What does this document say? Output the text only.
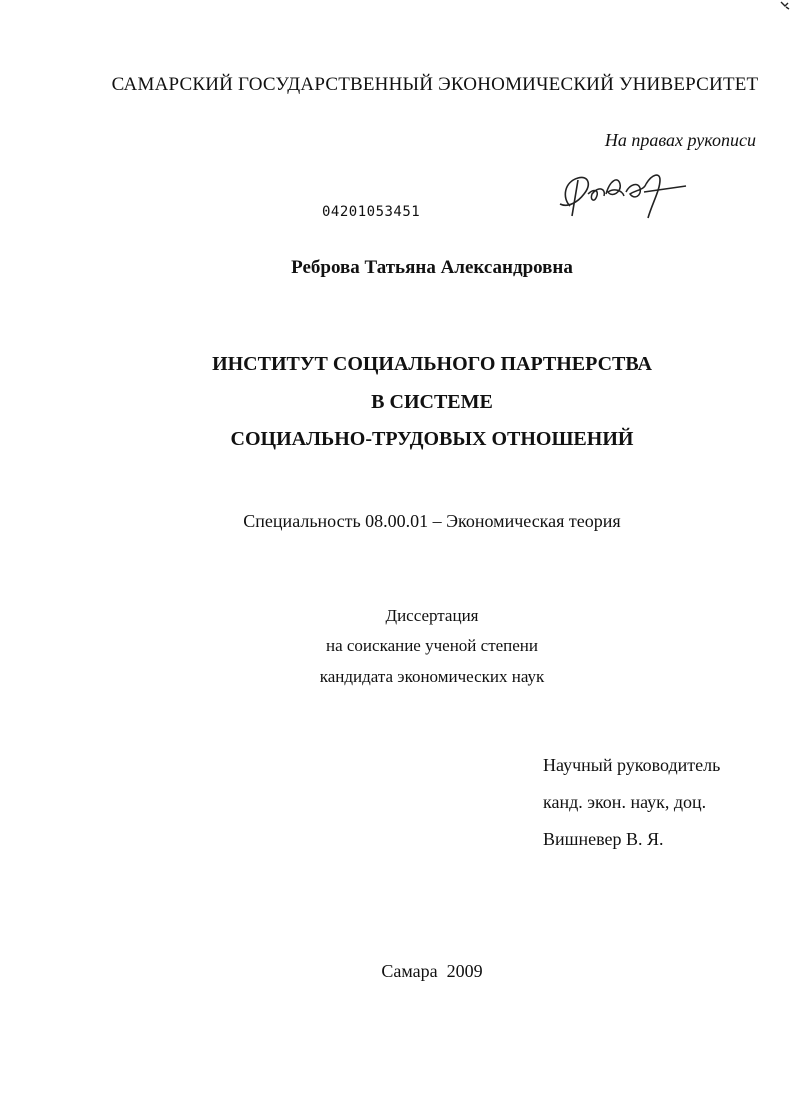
САМАРСКИЙ ГОСУДАРСТВЕННЫЙ ЭКОНОМИЧЕСКИЙ УНИВЕРСИТЕТ
На правах рукописи
04201053451
Реброва Татьяна Александровна
ИНСТИТУТ СОЦИАЛЬНОГО ПАРТНЕРСТВА
В СИСТЕМЕ
СОЦИАЛЬНО-ТРУДОВЫХ ОТНОШЕНИЙ
Специальность 08.00.01 – Экономическая теория
Диссертация
на соискание ученой степени
кандидата экономических наук
Научный руководитель
канд. экон. наук, доц.
Вишневер В. Я.
Самара  2009
